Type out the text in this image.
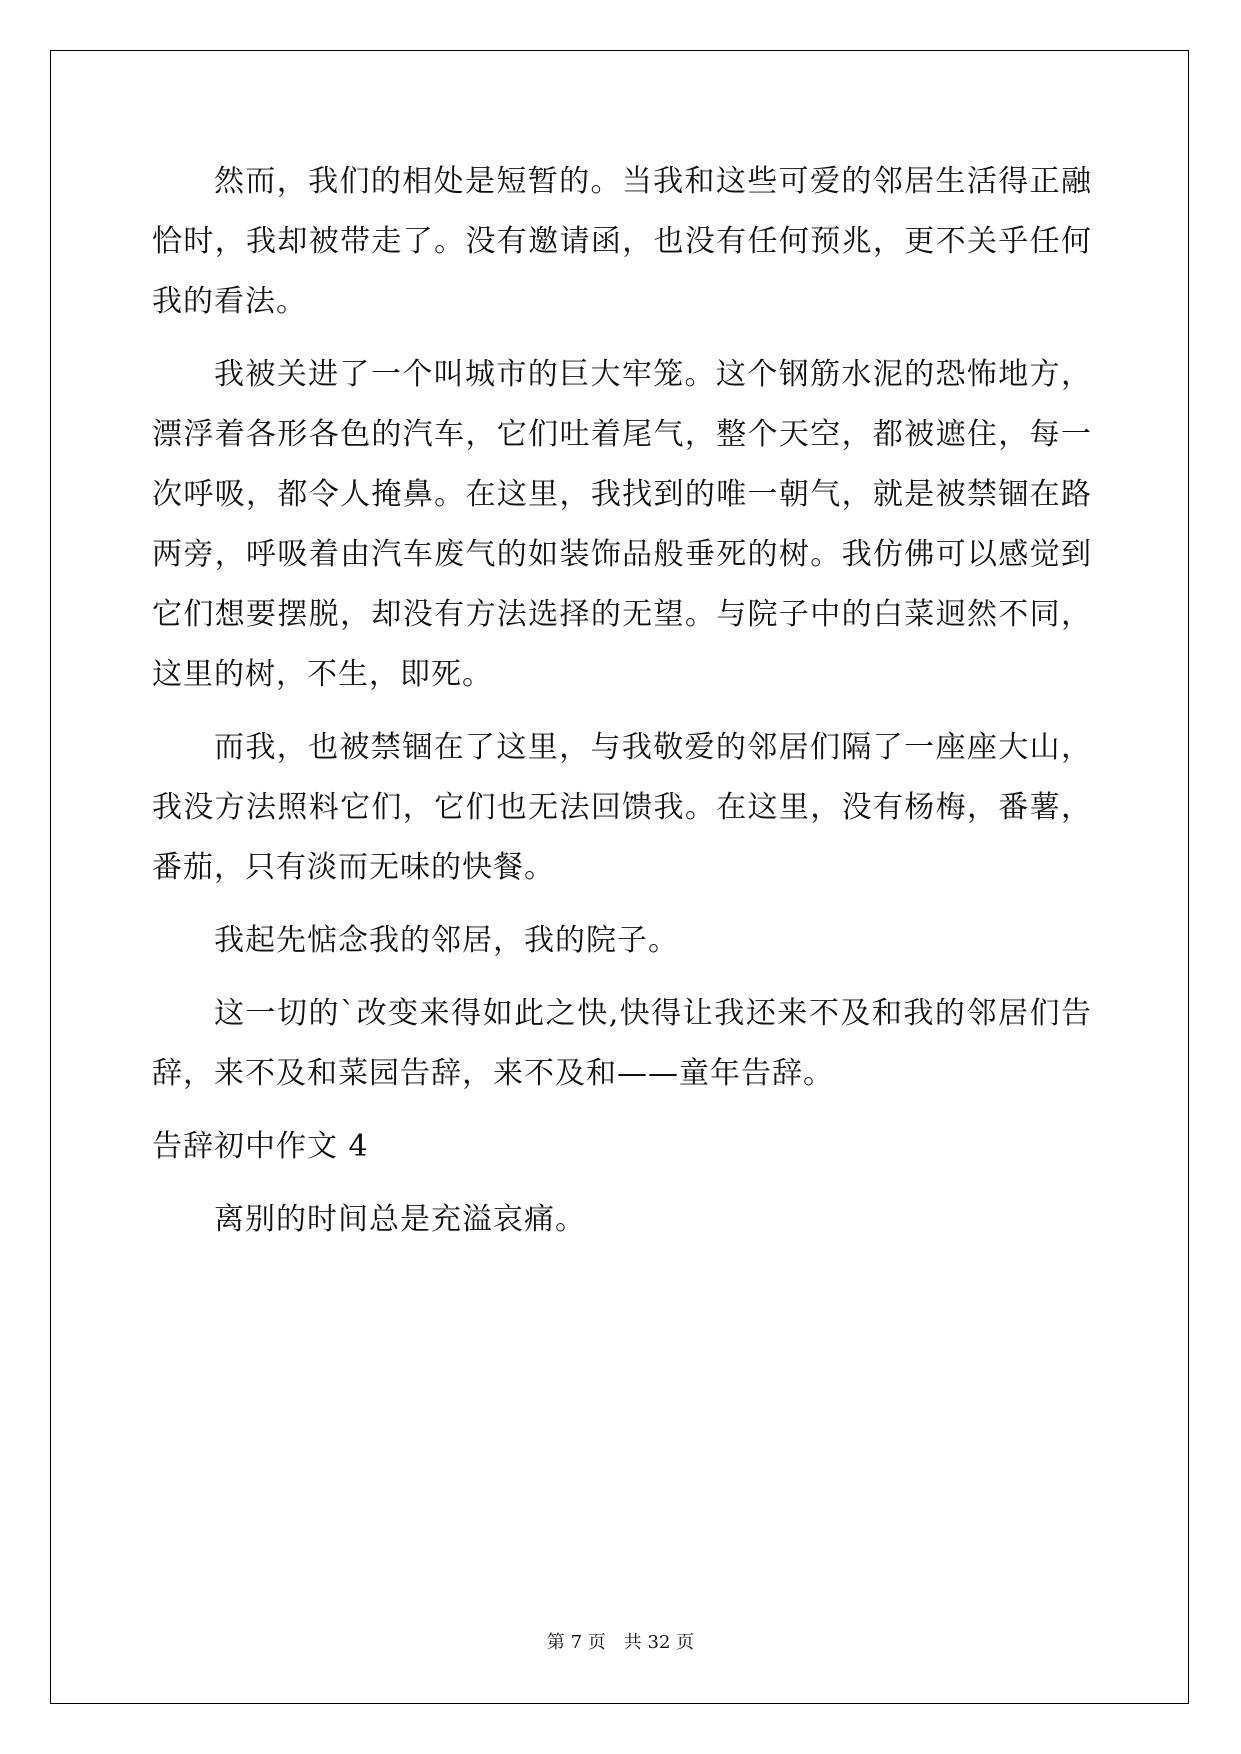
然而，我们的相处是短暂的。当我和这些可爱的邻居生活得正融恰时，我却被带走了。没有邀请函，也没有任何预兆，更不关乎任何我的看法。

我被关进了一个叫城市的巨大牢笼。这个钢筋水泥的恐怖地方，漂浮着各形各色的汽车，它们吐着尾气，整个天空，都被遮住，每一次呼吸，都令人掩鼻。在这里，我找到的唯一朝气，就是被禁锢在路两旁，呼吸着由汽车废气的如装饰品般垂死的树。我仿佛可以感觉到它们想要摆脱，却没有方法选择的无望。与院子中的白菜迥然不同，这里的树，不生，即死。

而我，也被禁锢在了这里，与我敬爱的邻居们隔了一座座大山，我没方法照料它们，它们也无法回馈我。在这里，没有杨梅，番薯，番茄，只有淡而无味的快餐。

我起先惦念我的邻居，我的院子。

这一切的`改变来得如此之快,快得让我还来不及和我的邻居们告辞，来不及和菜园告辞，来不及和——童年告辞。

告辞初中作文 4

离别的时间总是充溢哀痛。

第 7 页　共 32 页
